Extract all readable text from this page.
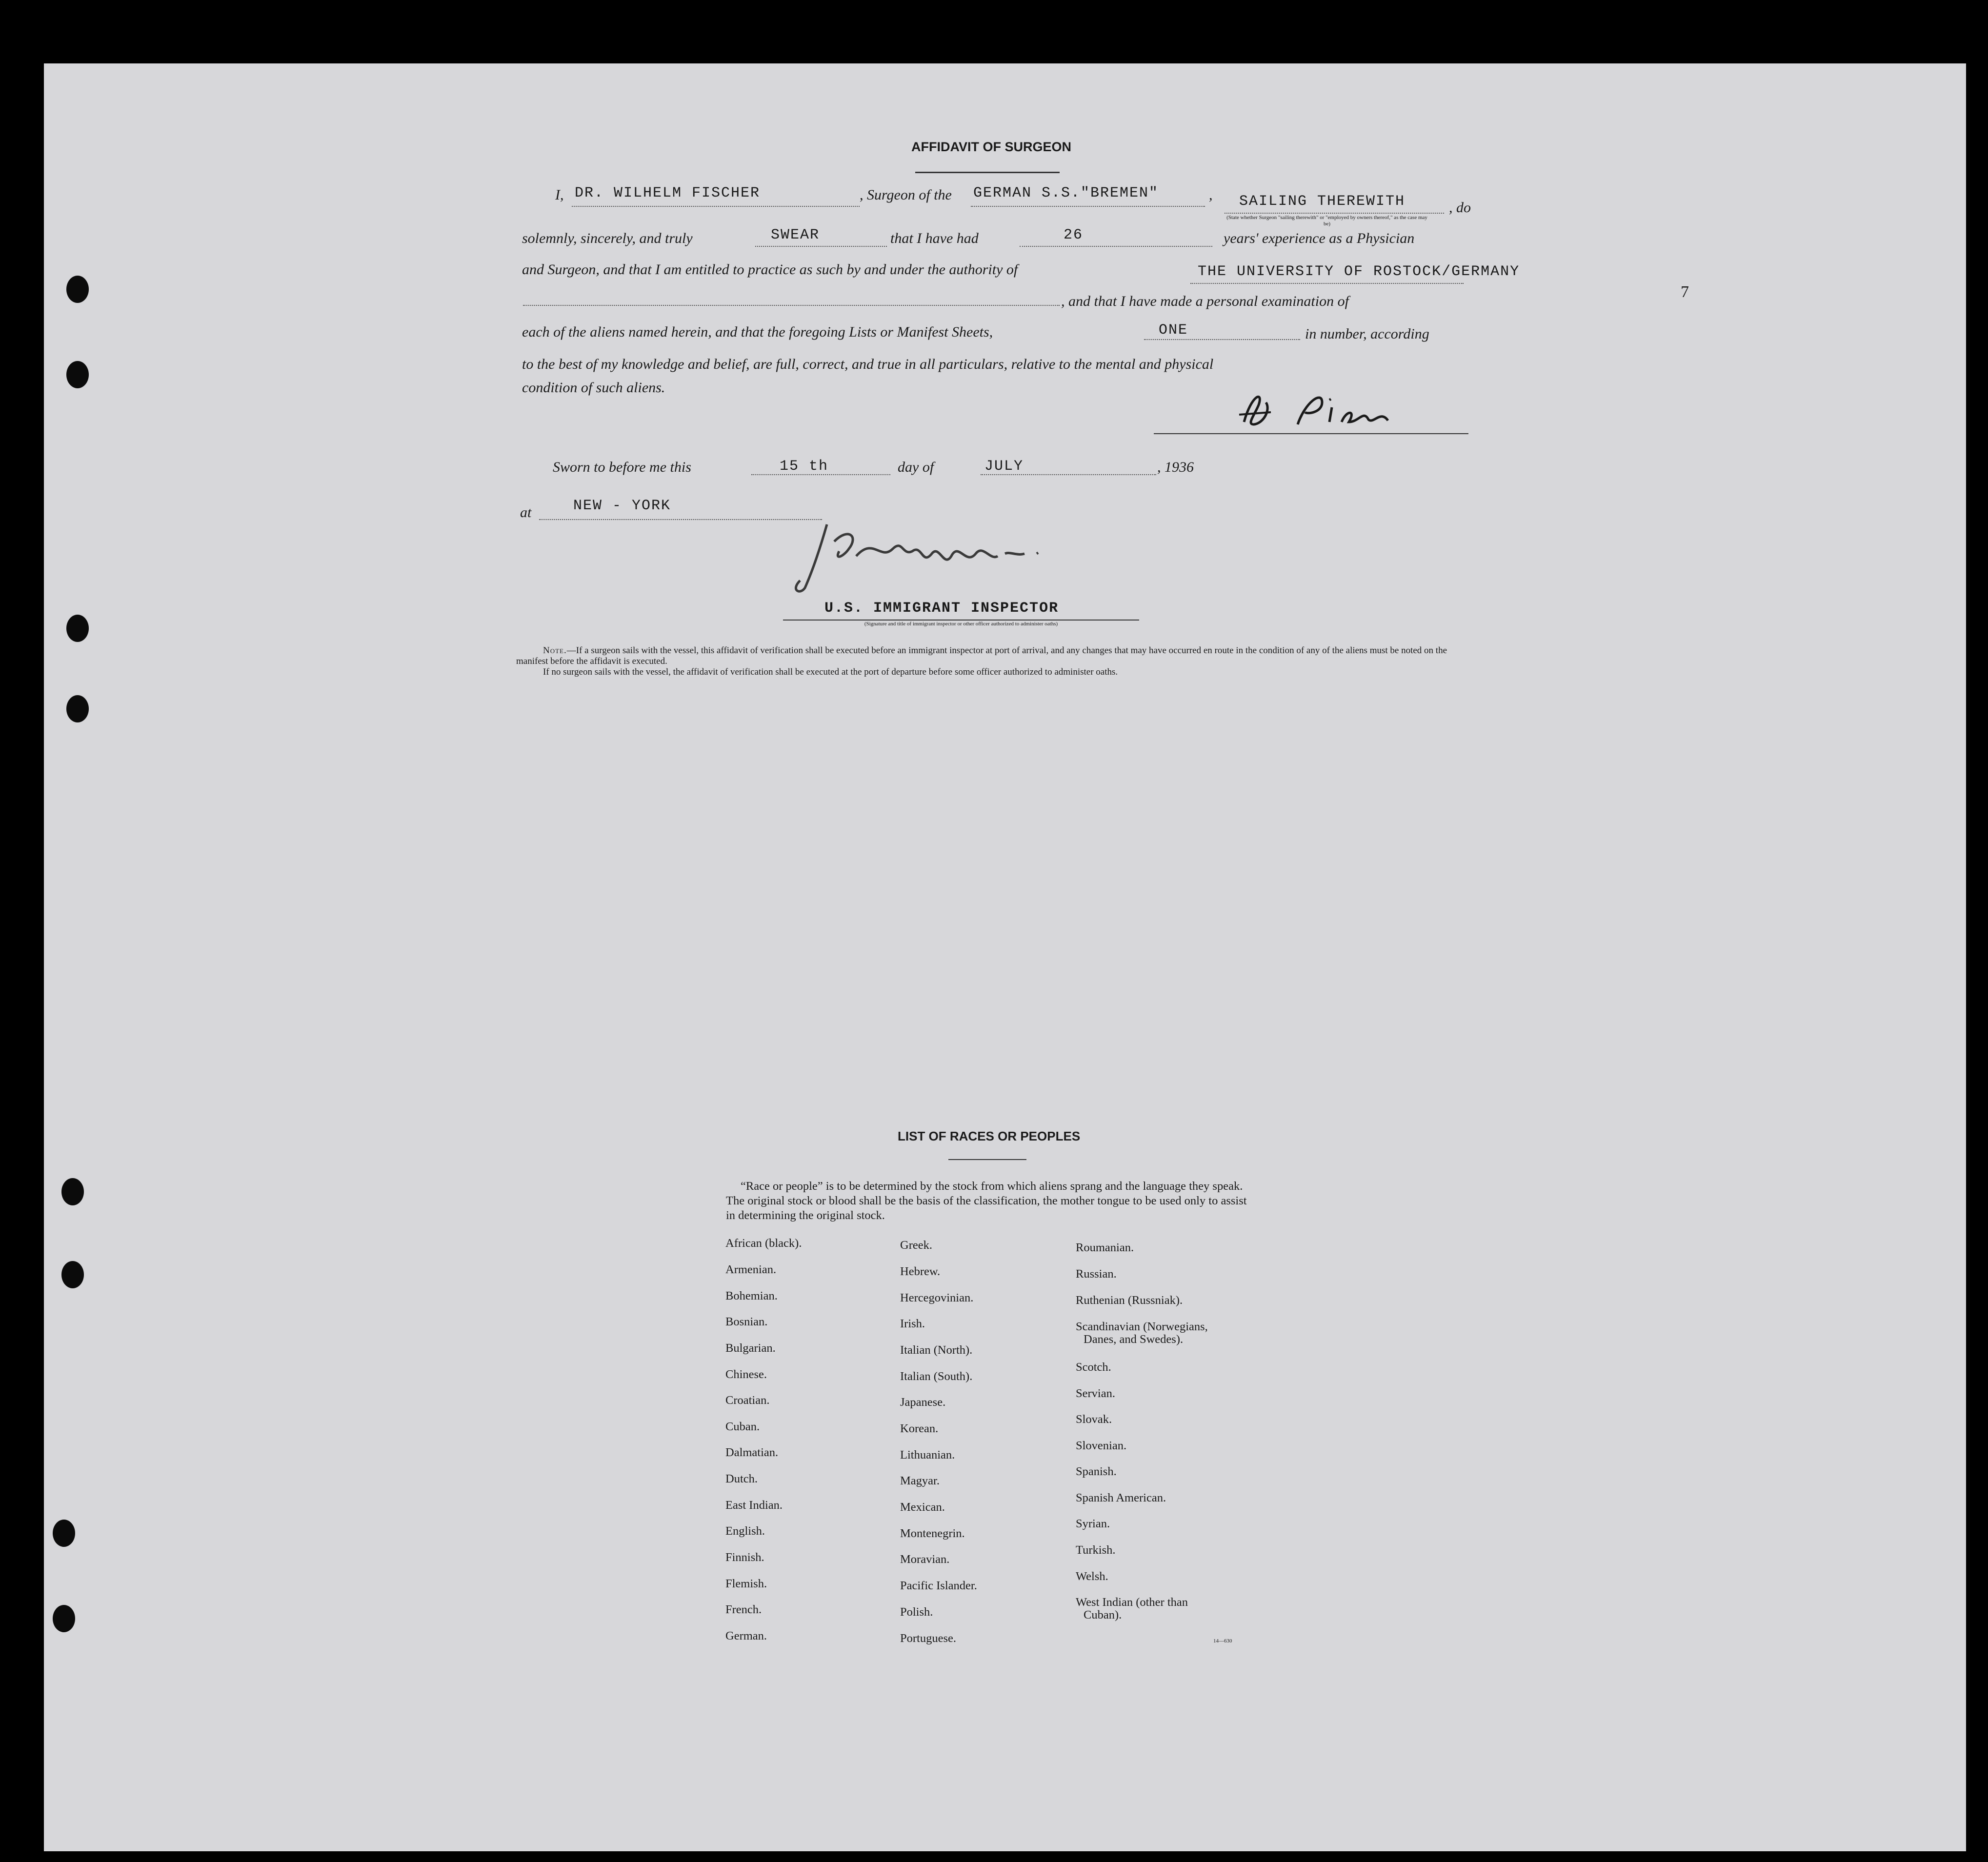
AFFIDAVIT OF SURGEON
I, DR. WILHELM FISCHER	, Surgeon of the GERMAN S.S."BREMEN"	, SAILING THEREWITH	, do
(State whether Surgeon "sailing therewith" or "employed by owners thereof," as the case may be)
solemnly, sincerely, and truly	SWEAR	that I have had	26	years' experience as a Physician
and Surgeon, and that I am entitled to practice as such by and under the authority of	THE UNIVERSITY OF ROSTOCK/GERMANY
, and that I have made a personal examination of
each of the aliens named herein, and that the foregoing Lists or Manifest Sheets,	ONE	in number, according
to the best of my knowledge and belief, are full, correct, and true in all particulars, relative to the mental and physical
condition of such aliens.
Sworn to before me this	15 th	day of	JULY	, 1936
at	NEW - YORK
U.S. IMMIGRANT INSPECTOR
(Signature and title of immigrant inspector or other officer authorized to administer oaths)

Note.—If a surgeon sails with the vessel, this affidavit of verification shall be executed before an immigrant inspector at port of arrival, and any changes that may have occurred en route in the condition of any of the aliens must be noted on the manifest before the affidavit is executed.

If no surgeon sails with the vessel, the affidavit of verification shall be executed at the port of departure before some officer authorized to administer oaths.

7
LIST OF RACES OR PEOPLES
“Race or people” is to be determined by the stock from which aliens sprang and the language they speak. The original stock or blood shall be the basis of the classification, the mother tongue to be used only to assist in determining the original stock.
African (black).
Armenian.
Bohemian.
Bosnian.
Bulgarian.
Chinese.
Croatian.
Cuban.
Dalmatian.
Dutch.
East Indian.
English.
Finnish.
Flemish.
French.
German.
Greek.
Hebrew.
Hercegovinian.
Irish.
Italian (North).
Italian (South).
Japanese.
Korean.
Lithuanian.
Magyar.
Mexican.
Montenegrin.
Moravian.
Pacific Islander.
Polish.
Portuguese.
Roumanian.
Russian.
Ruthenian (Russniak).
Scandinavian (Norwegians,
Danes, and Swedes).
Scotch.
Servian.
Slovak.
Slovenian.
Spanish.
Spanish American.
Syrian.
Turkish.
Welsh.
West Indian (other than
Cuban).
14—630
